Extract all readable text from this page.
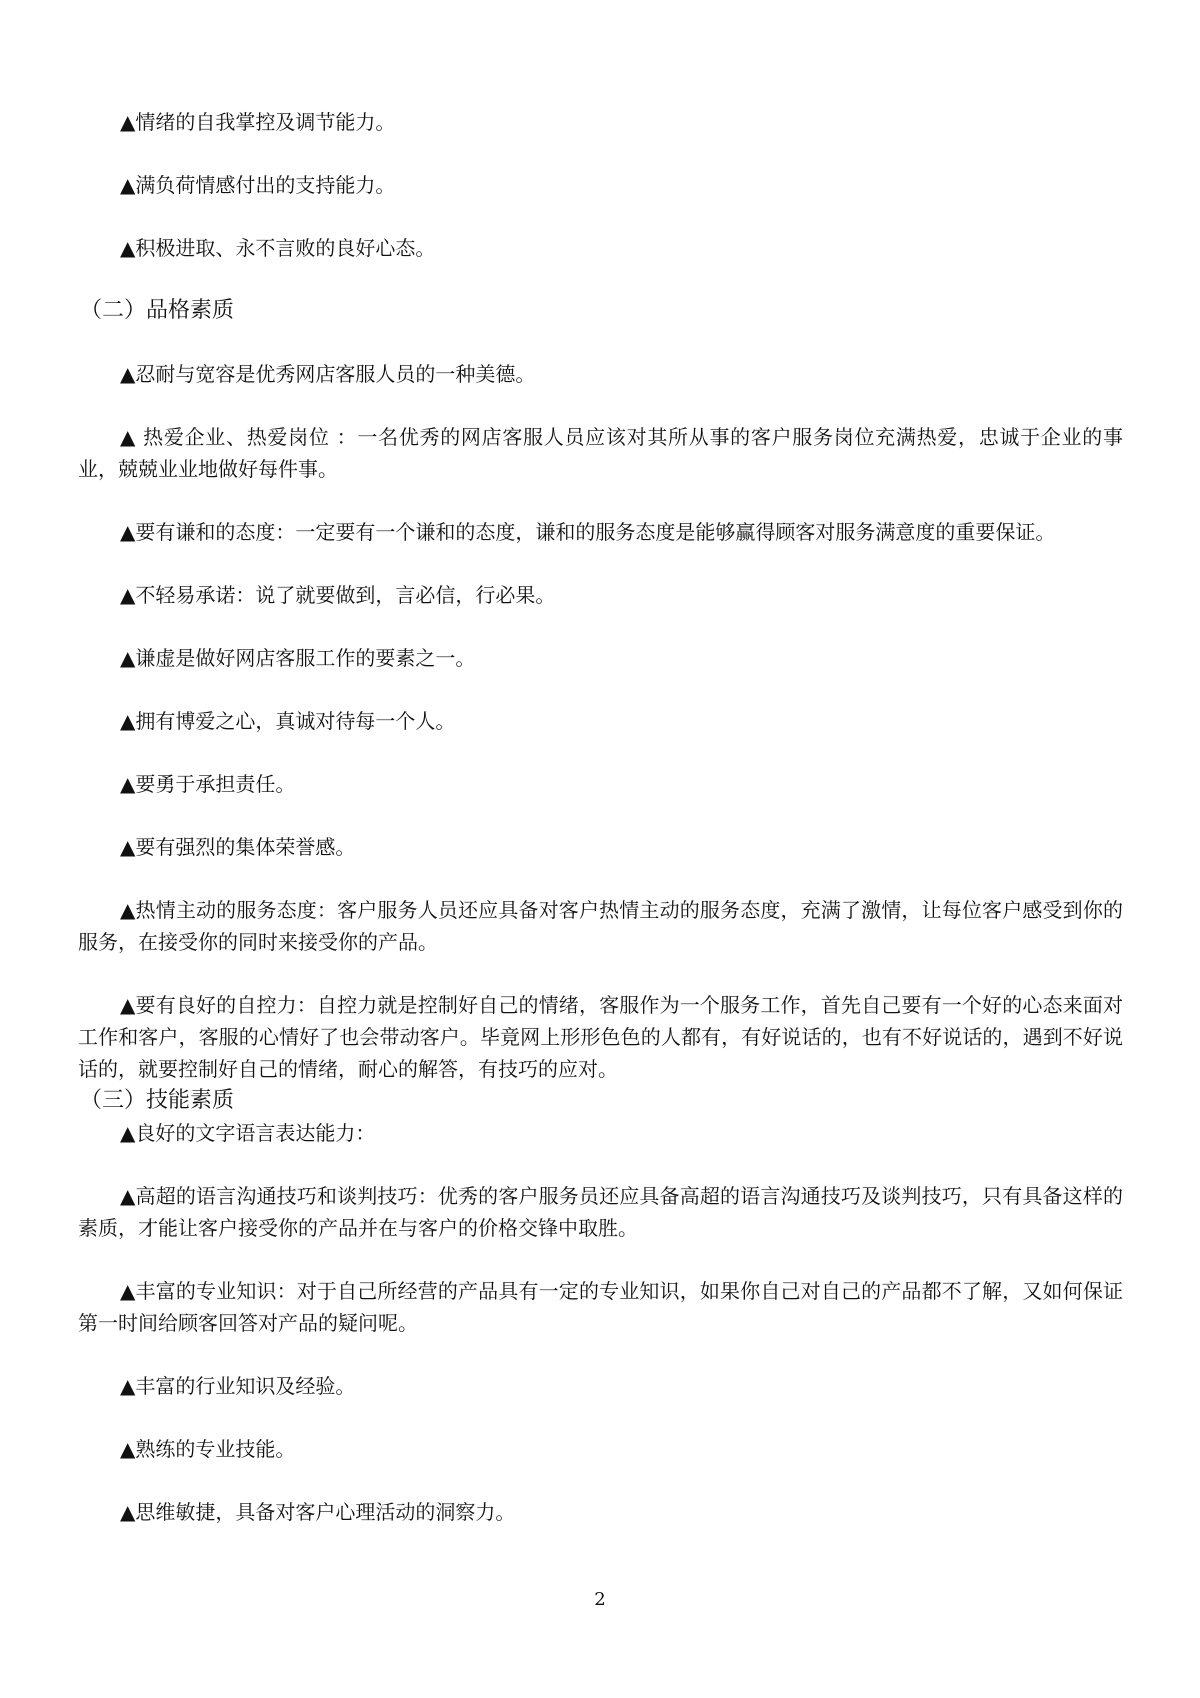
▲情绪的自我掌控及调节能力。

▲满负荷情感付出的支持能力。

▲积极进取、永不言败的良好心态。

（二）品格素质

▲忍耐与宽容是优秀网店客服人员的一种美德。

▲ 热爱企业、热爱岗位 ：一名优秀的网店客服人员应该对其所从事的客户服务岗位充满热爱，忠诚于企业的事业，兢兢业业地做好每件事。

▲要有谦和的态度：一定要有一个谦和的态度，谦和的服务态度是能够赢得顾客对服务满意度的重要保证。

▲不轻易承诺：说了就要做到，言必信，行必果。

▲谦虚是做好网店客服工作的要素之一。

▲拥有博爱之心，真诚对待每一个人。

▲要勇于承担责任。

▲要有强烈的集体荣誉感。

▲热情主动的服务态度：客户服务人员还应具备对客户热情主动的服务态度，充满了激情，让每位客户感受到你的服务，在接受你的同时来接受你的产品。

▲要有良好的自控力：自控力就是控制好自己的情绪，客服作为一个服务工作，首先自己要有一个好的心态来面对工作和客户，客服的心情好了也会带动客户。毕竟网上形形色色的人都有，有好说话的，也有不好说话的，遇到不好说话的，就要控制好自己的情绪，耐心的解答，有技巧的应对。

（三）技能素质

▲良好的文字语言表达能力：

▲高超的语言沟通技巧和谈判技巧：优秀的客户服务员还应具备高超的语言沟通技巧及谈判技巧，只有具备这样的素质，才能让客户接受你的产品并在与客户的价格交锋中取胜。

▲丰富的专业知识：对于自己所经营的产品具有一定的专业知识，如果你自己对自己的产品都不了解，又如何保证第一时间给顾客回答对产品的疑问呢。

▲丰富的行业知识及经验。

▲熟练的专业技能。

▲思维敏捷，具备对客户心理活动的洞察力。

2
